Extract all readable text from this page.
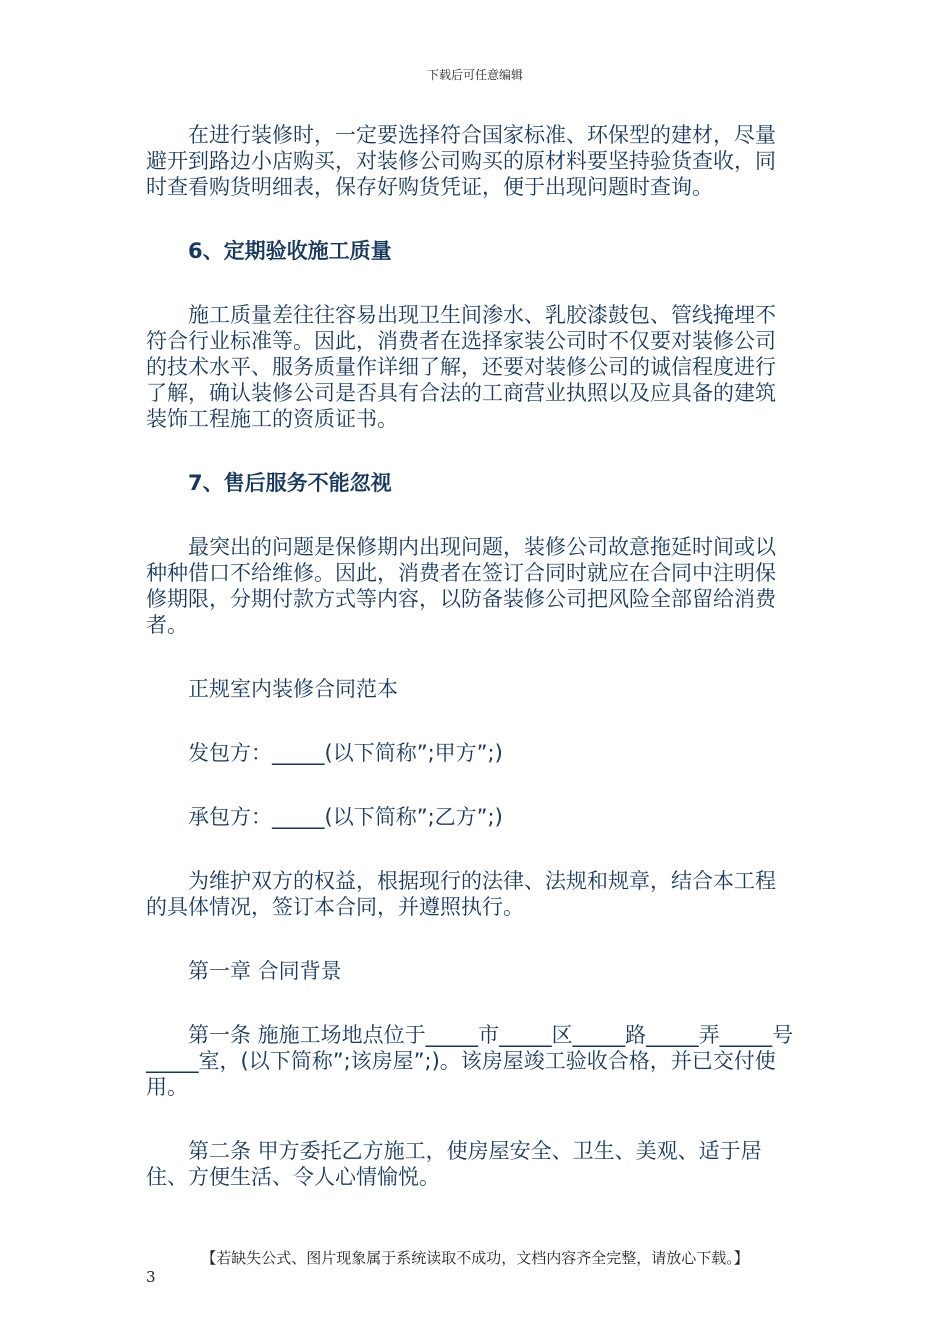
下载后可任意编辑

在进行装修时，一定要选择符合国家标准、环保型的建材，尽量避开到路边小店购买，对装修公司购买的原材料要坚持验货查收，同时查看购货明细表，保存好购货凭证，便于出现问题时查询。

6、定期验收施工质量

施工质量差往往容易出现卫生间渗水、乳胶漆鼓包、管线掩埋不符合行业标准等。因此，消费者在选择家装公司时不仅要对装修公司的技术水平、服务质量作详细了解，还要对装修公司的诚信程度进行了解，确认装修公司是否具有合法的工商营业执照以及应具备的建筑装饰工程施工的资质证书。

7、售后服务不能忽视

最突出的问题是保修期内出现问题，装修公司故意拖延时间或以种种借口不给维修。因此，消费者在签订合同时就应在合同中注明保修期限，分期付款方式等内容，以防备装修公司把风险全部留给消费者。

正规室内装修合同范本

发包方：_____(以下简称”;甲方”;)

承包方：_____(以下简称”;乙方”;)

为维护双方的权益，根据现行的法律、法规和规章，结合本工程的具体情况，签订本合同，并遵照执行。

第一章 合同背景

第一条 施施工场地点位于_____市_____区_____路_____弄_____号_____室，(以下简称”;该房屋”;)。该房屋竣工验收合格，并已交付使用。

第二条 甲方委托乙方施工，使房屋安全、卫生、美观、适于居住、方便生活、令人心情愉悦。

【若缺失公式、图片现象属于系统读取不成功，文档内容齐全完整，请放心下载。】
3
